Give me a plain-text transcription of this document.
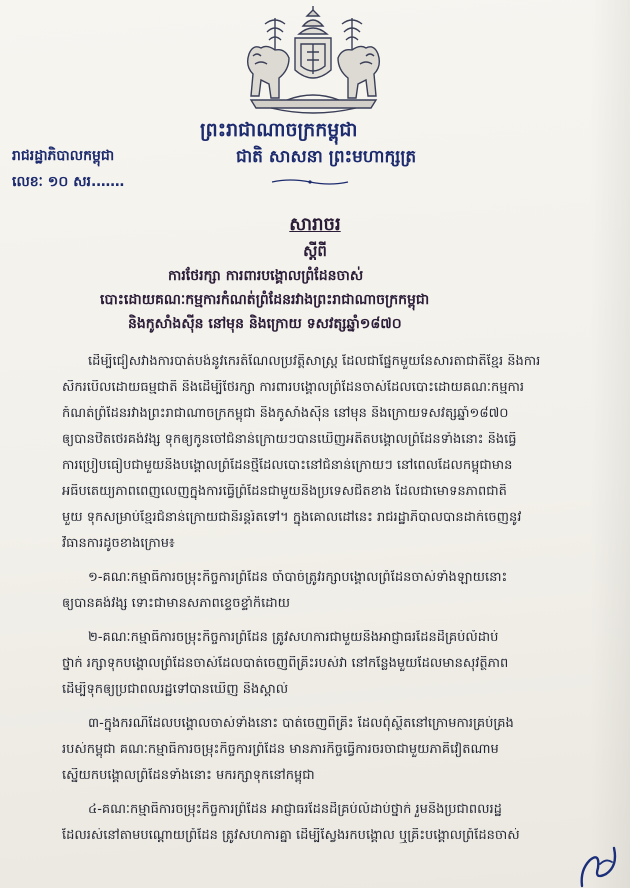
ព្រះរាជាណាចក្រកម្ពុជា
ជាតិ សាសនា ព្រះមហាក្សត្រ
រាជរដ្ឋាភិបាលកម្ពុជា
លេខៈ ១០ សរ.……
សារាចរ
ស្តីពី
ការថែរក្សា ការពារបង្គោលព្រំដែនចាស់
បោះដោយគណៈកម្មការកំណត់ព្រំដែនរវាងព្រះរាជាណាចក្រកម្ពុជា
និងកូសាំងស៊ីន នៅមុន និងក្រោយ ទសវត្សឆ្នាំ១៨៧០
ដើម្បីជៀសវាងការបាត់បង់នូវកេរតំណែលប្រវត្តិសាស្ត្រ ដែលជាផ្នែកមួយនៃសារតាជាតិខ្មែរ និងការ
សិករបើលដោយធម្មជាតិ និងដើម្បីថែរក្សា ការពារបង្គោលព្រំដែនចាស់ដែលបោះដោយគណៈកម្មការ
កំណត់ព្រំដែនរវាងព្រះរាជាណាចក្រកម្ពុជា និងកូសាំងស៊ីន នៅមុន និងក្រោយទសវត្សឆ្នាំ១៨៧០
ឲ្យបានឋិតថេរគង់វង្ស ទុកឲ្យកូនចៅជំនាន់ក្រោយៗបានឃើញអតីតបង្គោលព្រំដែនទាំងនោះ និងធ្វើ
ការប្រៀបធៀបជាមួយនឹងបង្គោលព្រំដែនថ្មីដែលបោះនៅជំនាន់ក្រោយៗ នៅពេលដែលកម្ពុជាមាន
អធិបតេយ្យភាពពេញលេញក្នុងការធ្វើព្រំដែនជាមួយនឹងប្រទេសជិតខាង ដែលជាមោទនភាពជាតិ
មួយ ទុកសម្រាប់ខ្មែរជំនាន់ក្រោយជានិរន្តរ៍តទៅ។ ក្នុងគោលដៅនេះ រាជរដ្ឋាភិបាលបានដាក់ចេញនូវ
វិធានការដូចខាងក្រោម៖
១-គណៈកម្មាធិការចម្រុះកិច្ចការព្រំដែន ចាំបាច់ត្រូវរក្សាបង្គោលព្រំដែនចាស់ទាំងឡាយនោះ
ឲ្យបានគង់វង្ស ទោះជាមានសភាពខ្ទេចខ្ទាំក៏ដោយ
២-គណៈកម្មាធិការចម្រុះកិច្ចការព្រំដែន ត្រូវសហការជាមួយនឹងអាជ្ញាធរដែនដីគ្រប់លំដាប់
ថ្នាក់ រក្សាទុកបង្គោលព្រំដែនចាស់ដែលបាត់ចេញពីគ្រឹះរបស់វា នៅកន្លែងមួយដែលមានសុវត្ថិភាព
ដើម្បីទុកឲ្យប្រជាពលរដ្ឋទៅបានឃើញ និងស្គាល់
៣-ក្នុងករណីដែលបង្គោលចាស់ទាំងនោះ បាត់ចេញពីគ្រឹះ ដែលពុំស្ថិតនៅក្រោមការគ្រប់គ្រង
របស់កម្ពុជា គណៈកម្មាធិការចម្រុះកិច្ចការព្រំដែន មានភារកិច្ចធ្វើការចរចាជាមួយភាគីវៀតណាម
ស្នើយកបង្គោលព្រំដែនទាំងនោះ មករក្សាទុកនៅកម្ពុជា
៤-គណៈកម្មាធិការចម្រុះកិច្ចការព្រំដែន អាជ្ញាធរដែនដីគ្រប់លំដាប់ថ្នាក់ រួមនឹងប្រជាពលរដ្ឋ
ដែលរស់នៅតាមបណ្តោយព្រំដែន ត្រូវសហការគ្នា ដើម្បីស្វែងរកបង្គោល ឬគ្រឹះបង្គោលព្រំដែនចាស់
